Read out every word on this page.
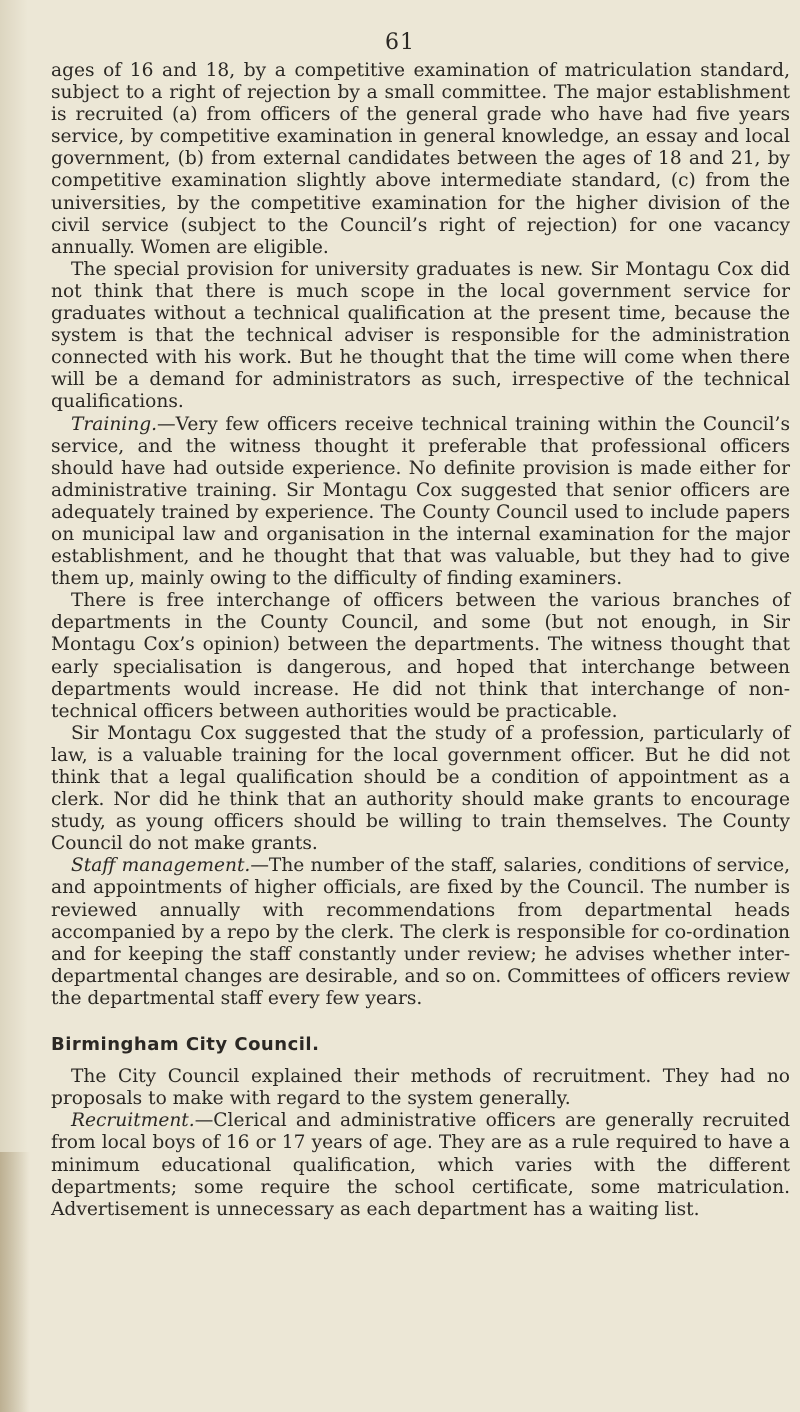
61

ages of 16 and 18, by a competitive examination of matriculation standard, subject to a right of rejection by a small committee. The major establishment is recruited (a) from officers of the general grade who have had five years service, by competitive examination in general knowledge, an essay and local government, (b) from external candidates between the ages of 18 and 21, by competitive examination slightly above intermediate standard, (c) from the universities, by the competitive examination for the higher division of the civil service (subject to the Council’s right of rejection) for one vacancy annually. Women are eligible.

The special provision for university graduates is new. Sir Montagu Cox did not think that there is much scope in the local government service for graduates without a technical qualification at the present time, because the system is that the technical adviser is responsible for the administration connected with his work. But he thought that the time will come when there will be a demand for administrators as such, irrespective of the technical qualifications.

Training.—Very few officers receive technical training within the Council’s service, and the witness thought it preferable that professional officers should have had outside experience. No definite provision is made either for administrative training. Sir Montagu Cox suggested that senior officers are adequately trained by experience. The County Council used to include papers on municipal law and organisation in the internal examination for the major establishment, and he thought that that was valuable, but they had to give them up, mainly owing to the difficulty of finding examiners.

There is free interchange of officers between the various branches of departments in the County Council, and some (but not enough, in Sir Montagu Cox’s opinion) between the departments. The witness thought that early specialisation is dangerous, and hoped that interchange between departments would increase. He did not think that interchange of non-technical officers between authorities would be practicable.

Sir Montagu Cox suggested that the study of a profession, particularly of law, is a valuable training for the local government officer. But he did not think that a legal qualification should be a condition of appointment as a clerk. Nor did he think that an authority should make grants to encourage study, as young officers should be willing to train themselves. The County Council do not make grants.

Staff management.—The number of the staff, salaries, conditions of service, and appointments of higher officials, are fixed by the Council. The number is reviewed annually with recommendations from departmental heads accompanied by a repo by the clerk. The clerk is responsible for co-ordination and for keeping the staff constantly under review; he advises whether inter-departmental changes are desirable, and so on. Committees of officers review the departmental staff every few years.

Birmingham City Council.

The City Council explained their methods of recruitment. They had no proposals to make with regard to the system generally.

Recruitment.—Clerical and administrative officers are generally recruited from local boys of 16 or 17 years of age. They are as a rule required to have a minimum educational qualification, which varies with the different departments; some require the school certificate, some matriculation. Advertisement is unnecessary as each department has a waiting list.
